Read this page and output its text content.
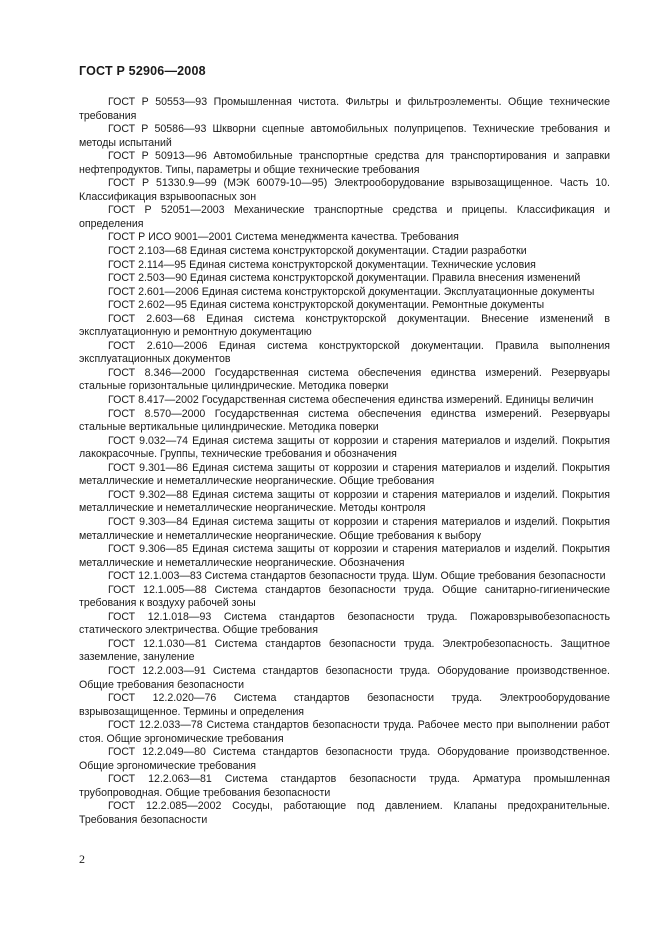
ГОСТ Р 52906—2008

ГОСТ Р 50553—93 Промышленная чистота. Фильтры и фильтроэлементы. Общие технические требования

ГОСТ Р 50586—93 Шкворни сцепные автомобильных полуприцепов. Технические требования и методы испытаний

ГОСТ Р 50913—96 Автомобильные транспортные средства для транспортирования и заправки нефтепродуктов. Типы, параметры и общие технические требования

ГОСТ Р 51330.9—99 (МЭК 60079-10—95) Электрооборудование взрывозащищенное. Часть 10. Классификация взрывоопасных зон

ГОСТ Р 52051—2003 Механические транспортные средства и прицепы. Классификация и определения

ГОСТ Р ИСО 9001—2001 Система менеджмента качества. Требования

ГОСТ 2.103—68 Единая система конструкторской документации. Стадии разработки

ГОСТ 2.114—95 Единая система конструкторской документации. Технические условия

ГОСТ 2.503—90 Единая система конструкторской документации. Правила внесения изменений

ГОСТ 2.601—2006 Единая система конструкторской документации. Эксплуатационные документы

ГОСТ 2.602—95 Единая система конструкторской документации. Ремонтные документы

ГОСТ 2.603—68 Единая система конструкторской документации. Внесение изменений в эксплуатационную и ремонтную документацию

ГОСТ 2.610—2006 Единая система конструкторской документации. Правила выполнения эксплуатационных документов

ГОСТ 8.346—2000 Государственная система обеспечения единства измерений. Резервуары стальные горизонтальные цилиндрические. Методика поверки

ГОСТ 8.417—2002 Государственная система обеспечения единства измерений. Единицы величин

ГОСТ 8.570—2000 Государственная система обеспечения единства измерений. Резервуары стальные вертикальные цилиндрические. Методика поверки

ГОСТ 9.032—74 Единая система защиты от коррозии и старения материалов и изделий. Покрытия лакокрасочные. Группы, технические требования и обозначения

ГОСТ 9.301—86 Единая система защиты от коррозии и старения материалов и изделий. Покрытия металлические и неметаллические неорганические. Общие требования

ГОСТ 9.302—88 Единая система защиты от коррозии и старения материалов и изделий. Покрытия металлические и неметаллические неорганические. Методы контроля

ГОСТ 9.303—84 Единая система защиты от коррозии и старения материалов и изделий. Покрытия металлические и неметаллические неорганические. Общие требования к выбору

ГОСТ 9.306—85 Единая система защиты от коррозии и старения материалов и изделий. Покрытия металлические и неметаллические неорганические. Обозначения

ГОСТ 12.1.003—83 Система стандартов безопасности труда. Шум. Общие требования безопасности

ГОСТ 12.1.005—88 Система стандартов безопасности труда. Общие санитарно-гигиенические требования к воздуху рабочей зоны

ГОСТ 12.1.018—93 Система стандартов безопасности труда. Пожаровзрывобезопасность статического электричества. Общие требования

ГОСТ 12.1.030—81 Система стандартов безопасности труда. Электробезопасность. Защитное заземление, зануление

ГОСТ 12.2.003—91 Система стандартов безопасности труда. Оборудование производственное. Общие требования безопасности

ГОСТ 12.2.020—76 Система стандартов безопасности труда. Электрооборудование взрывозащищенное. Термины и определения

ГОСТ 12.2.033—78 Система стандартов безопасности труда. Рабочее место при выполнении работ стоя. Общие эргономические требования

ГОСТ 12.2.049—80 Система стандартов безопасности труда. Оборудование производственное. Общие эргономические требования

ГОСТ 12.2.063—81 Система стандартов безопасности труда. Арматура промышленная трубопроводная. Общие требования безопасности

ГОСТ 12.2.085—2002 Сосуды, работающие под давлением. Клапаны предохранительные. Требования безопасности

2
